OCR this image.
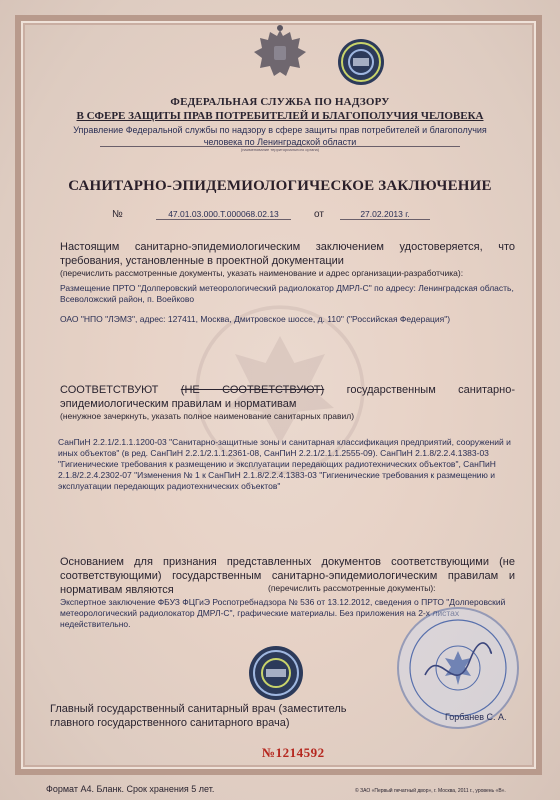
ФЕДЕРАЛЬНАЯ СЛУЖБА ПО НАДЗОРУ
В СФЕРЕ ЗАЩИТЫ ПРАВ ПОТРЕБИТЕЛЕЙ И БЛАГОПОЛУЧИЯ ЧЕЛОВЕКА
Управление Федеральной службы по надзору в сфере защиты прав потребителей и благополучия человека по Ленинградской области
(наименование территориального органа)
САНИТАРНО-ЭПИДЕМИОЛОГИЧЕСКОЕ ЗАКЛЮЧЕНИЕ
№	47.01.03.000.Т.000068.02.13	от	27.02.2013 г.
Настоящим санитарно-эпидемиологическим заключением удостоверяется, что требования, установленные в проектной документации
(перечислить рассмотренные документы, указать наименование и адрес организации-разработчика):
Размещение ПРТО "Долперовский метеорологический радиолокатор ДМРЛ-С" по адресу: Ленинградская область, Всеволожский район, п. Воейково
ОАО "НПО "ЛЭМЗ", адрес: 127411, Москва, Дмитровское шоссе, д. 110" ("Российская Федерация")
СООТВЕТСТВУЮТ (НЕ СООТВЕТСТВУЮТ) государственным санитарно-эпидемиологическим правилам и нормативам
(ненужное зачеркнуть, указать полное наименование санитарных правил)
СанПиН 2.2.1/2.1.1.1200-03 "Санитарно-защитные зоны и санитарная классификация предприятий, сооружений и иных объектов" (в ред. СанПиН 2.2.1/2.1.1.2361-08, СанПиН 2.2.1/2.1.1.2555-09). СанПиН 2.1.8/2.2.4.1383-03 "Гигиенические требования к размещению и эксплуатации передающих радиотехнических объектов", СанПиН 2.1.8/2.2.4.2302-07 "Изменения № 1 к СанПиН 2.1.8/2.2.4.1383-03 "Гигиенические требования к размещению и эксплуатации передающих радиотехнических объектов"
Основанием для признания представленных документов соответствующими (не соответствующими) государственным санитарно-эпидемиологическим правилам и нормативам являются	(перечислить рассмотренные документы):
Экспертное заключение ФБУЗ ФЦГиЭ Роспотребнадзора № 536 от 13.12.2012, сведения о ПРТО "Долперовский метеорологический радиолокатор ДМРЛ-С", графические материалы. Без приложения на 2-х листах недействительно.
Главный государственный санитарный врач (заместитель главного государственного санитарного врача)	Горбанев С. А.
№1214592
Формат А4. Бланк. Срок хранения 5 лет.	© ЗАО «Первый печатный двор», г. Москва, 2011 г., уровень «В».
